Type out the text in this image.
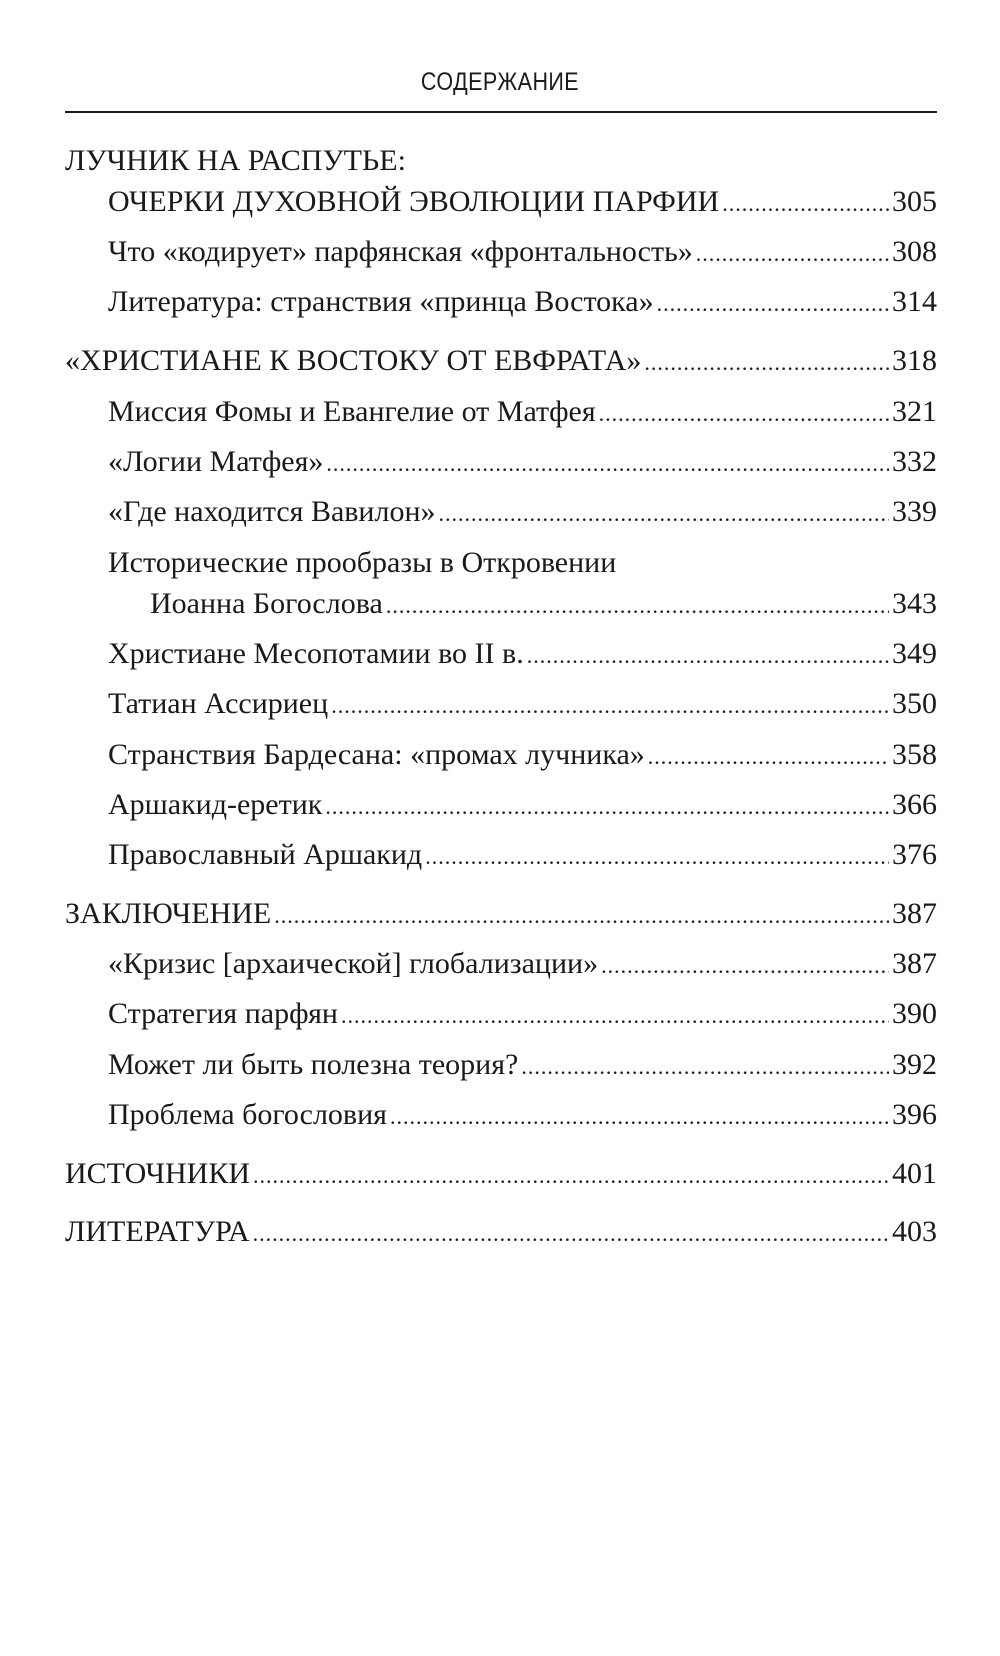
СОДЕРЖАНИЕ
ЛУЧНИК НА РАСПУТЬЕ:
ОЧЕРКИ ДУХОВНОЙ ЭВОЛЮЦИИ ПАРФИИ .....	305
Что «кодирует» парфянская «фронтальность» .....	308
Литература: странствия «принца Востока» .....	314
«ХРИСТИАНЕ К ВОСТОКУ ОТ ЕВФРАТА» .....	318
Миссия Фомы и Евангелие от Матфея .....	321
«Логии Матфея» .....	332
«Где находится Вавилон» .....	339
Исторические прообразы в Откровении
Иоанна Богослова .....	343
Христиане Месопотамии во II в. .....	349
Татиан Ассириец .....	350
Странствия Бардесана: «промах лучника» .....	358
Аршакид-еретик .....	366
Православный Аршакид .....	376
ЗАКЛЮЧЕНИЕ .....	387
«Кризис [архаической] глобализации» .....	387
Стратегия парфян .....	390
Может ли быть полезна теория? .....	392
Проблема богословия .....	396
ИСТОЧНИКИ .....	401
ЛИТЕРАТУРА .....	403
